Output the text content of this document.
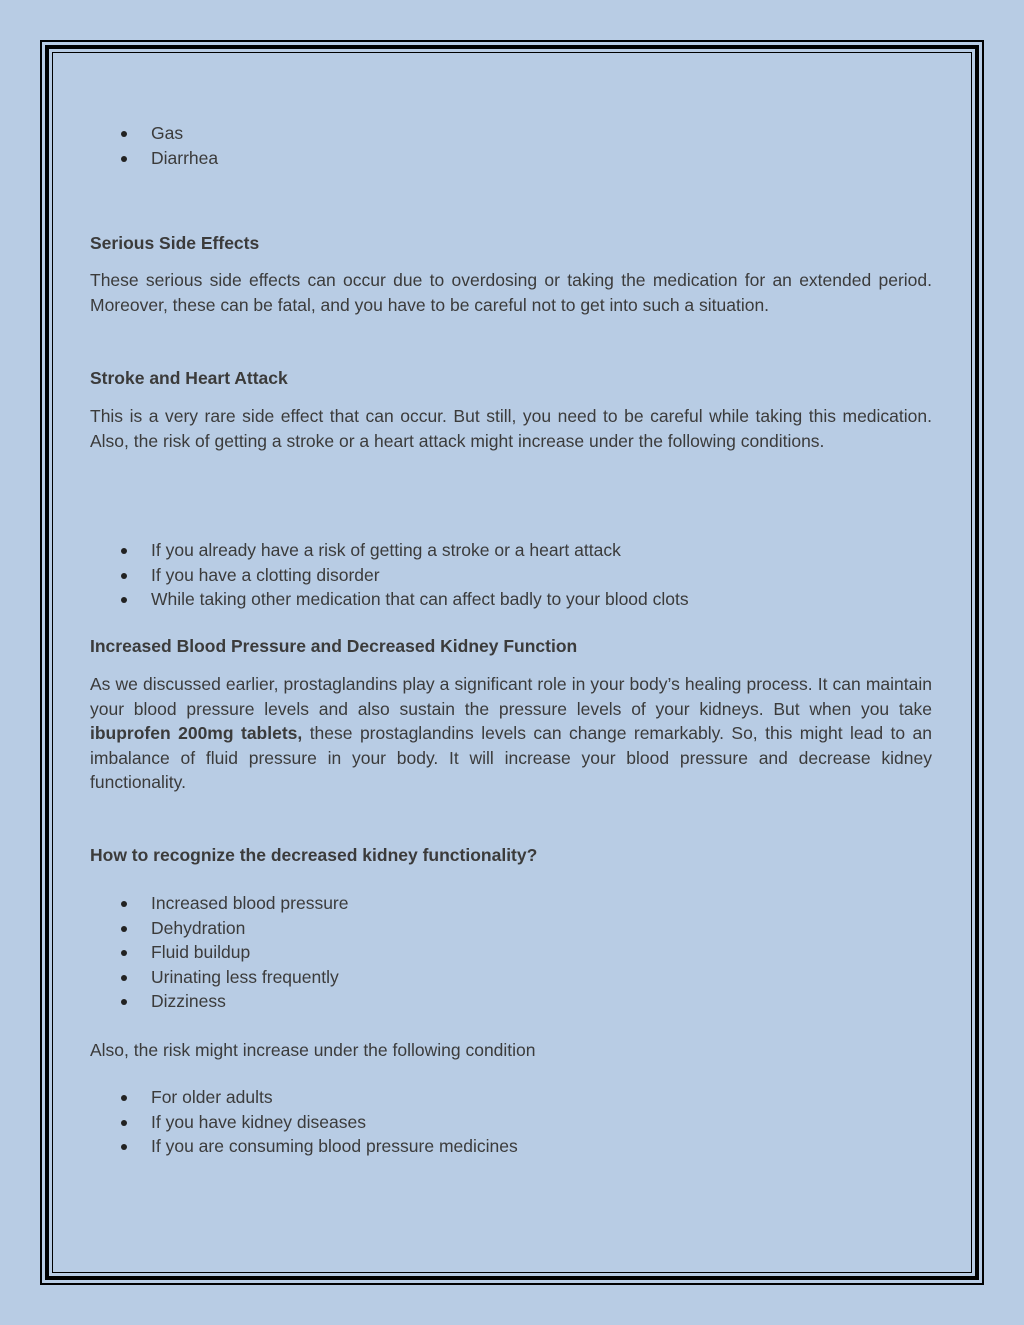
Gas
Diarrhea
Serious Side Effects

These serious side effects can occur due to overdosing or taking the medication for an extended period. Moreover, these can be fatal, and you have to be careful not to get into such a situation.

Stroke and Heart Attack

This is a very rare side effect that can occur. But still, you need to be careful while taking this medication. Also, the risk of getting a stroke or a heart attack might increase under the following conditions.

If you already have a risk of getting a stroke or a heart attack
If you have a clotting disorder
While taking other medication that can affect badly to your blood clots
Increased Blood Pressure and Decreased Kidney Function

As we discussed earlier, prostaglandins play a significant role in your body’s healing process. It can maintain your blood pressure levels and also sustain the pressure levels of your kidneys. But when you take ibuprofen 200mg tablets, these prostaglandins levels can change remarkably. So, this might lead to an imbalance of fluid pressure in your body. It will increase your blood pressure and decrease kidney functionality.

How to recognize the decreased kidney functionality?
Increased blood pressure
Dehydration
Fluid buildup
Urinating less frequently
Dizziness

Also, the risk might increase under the following condition

For older adults
If you have kidney diseases
If you are consuming blood pressure medicines
